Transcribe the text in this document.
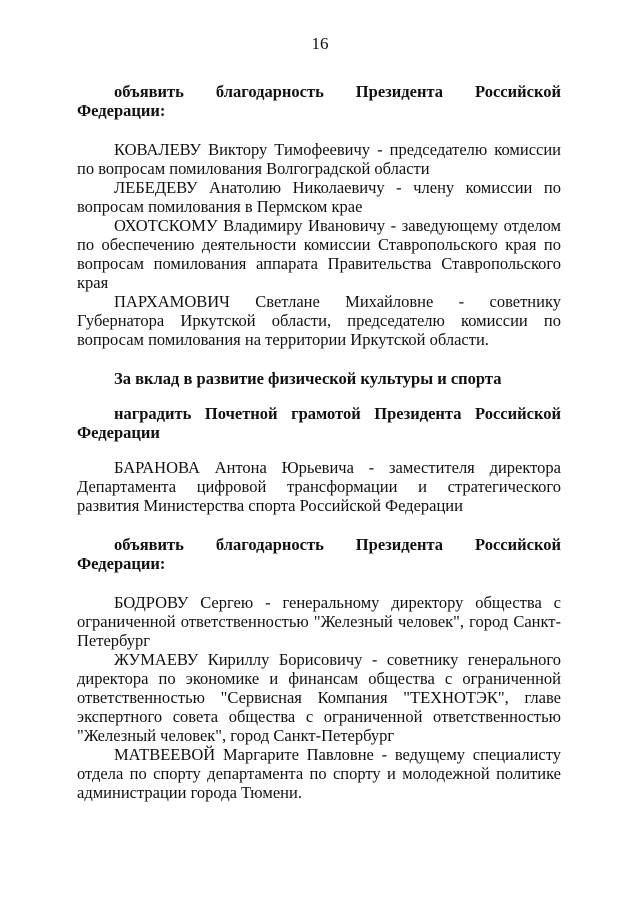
16
объявить благодарность Президента Российской Федерации:
КОВАЛЕВУ Виктору Тимофеевичу - председателю комиссии по вопросам помилования Волгоградской области
ЛЕБЕДЕВУ Анатолию Николаевичу - члену комиссии по вопросам помилования в Пермском крае
ОХОТСКОМУ Владимиру Ивановичу - заведующему отделом по обеспечению деятельности комиссии Ставропольского края по вопросам помилования аппарата Правительства Ставропольского края
ПАРХАМОВИЧ Светлане Михайловне - советнику Губернатора Иркутской области, председателю комиссии по вопросам помилования на территории Иркутской области.
За вклад в развитие физической культуры и спорта
наградить Почетной грамотой Президента Российской Федерации
БАРАНОВА Антона Юрьевича - заместителя директора Департамента цифровой трансформации и стратегического развития Министерства спорта Российской Федерации
объявить благодарность Президента Российской Федерации:
БОДРОВУ Сергею - генеральному директору общества с ограниченной ответственностью "Железный человек", город Санкт-Петербург
ЖУМАЕВУ Кириллу Борисовичу - советнику генерального директора по экономике и финансам общества с ограниченной ответственностью "Сервисная Компания "ТЕХНОТЭК", главе экспертного совета общества с ограниченной ответственностью "Железный человек", город Санкт-Петербург
МАТВЕЕВОЙ Маргарите Павловне - ведущему специалисту отдела по спорту департамента по спорту и молодежной политике администрации города Тюмени.
